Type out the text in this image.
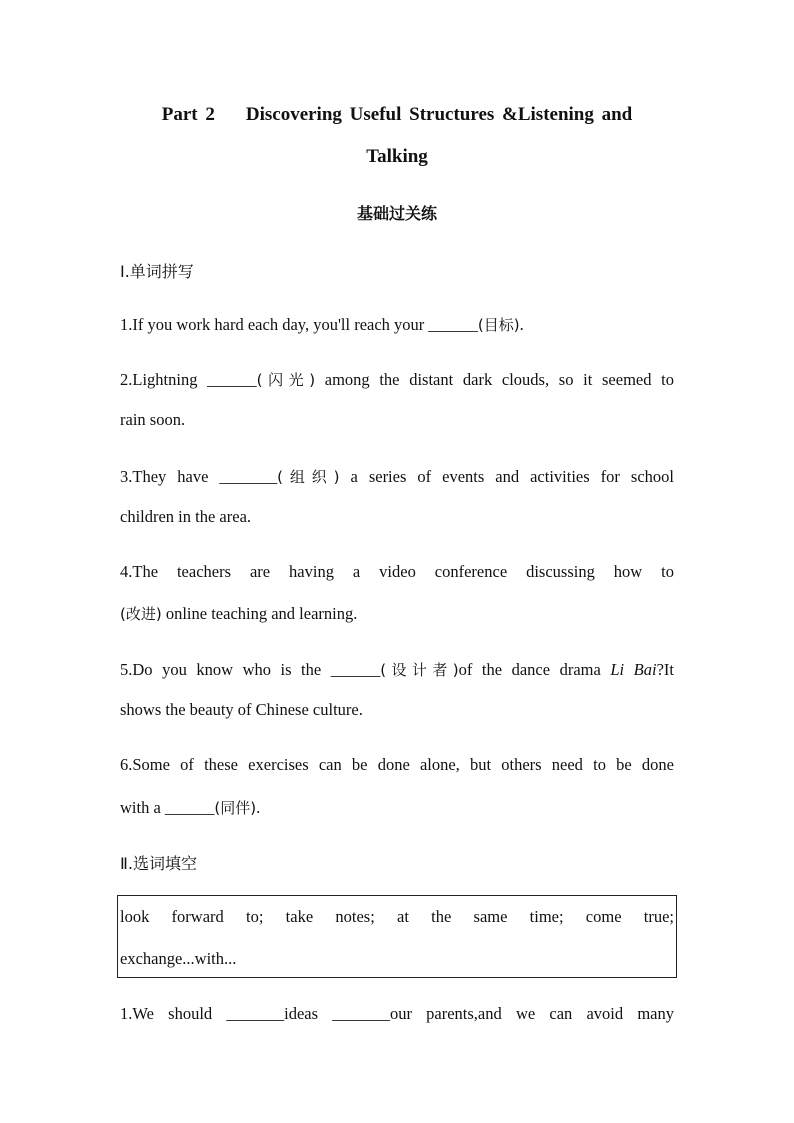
Part 2    Discovering Useful Structures &Listening and
Talking
基础过关练
Ⅰ.单词拼写
1.If you work hard each day, you'll reach your ______(目标).
2.Lightning ______(闪光) among the distant dark clouds, so it seemed to
rain soon.
3.They have _______(组织) a series of events and activities for school
children in the area.
4.The teachers are having a video conference discussing how to
(改进) online teaching and learning.
5.Do you know who is the ______(设计者)of the dance drama Li Bai?It
shows the beauty of Chinese culture.
6.Some of these exercises can be done alone, but others need to be done
with a ______(同伴).
Ⅱ.选词填空
look forward to; take notes; at the same time; come true;
exchange...with...
1.We should _______ideas _______our parents,and we can avoid many
